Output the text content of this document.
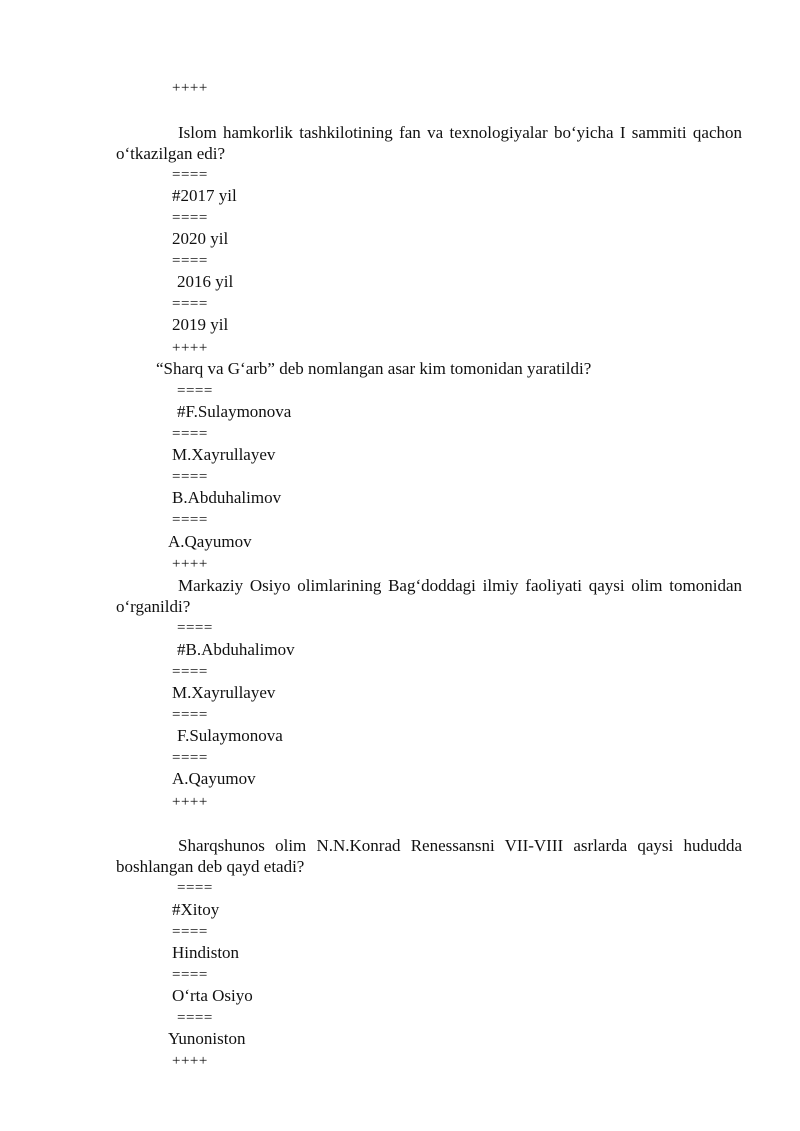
++++
Islom hamkorlik tashkilotining fan va texnologiyalar bo‘yicha I sammiti qachon o‘tkazilgan edi?
====
#2017 yil
====
2020 yil
====
2016 yil
====
2019 yil
++++
“Sharq va G‘arb” deb nomlangan asar kim tomonidan yaratildi?
====
#F.Sulaymonova
====
M.Xayrullayev
====
B.Abduhalimov
====
A.Qayumov
++++
Markaziy Osiyo olimlarining Bag‘doddagi ilmiy faoliyati qaysi olim tomonidan o‘rganildi?
====
#B.Abduhalimov
====
M.Xayrullayev
====
F.Sulaymonova
====
A.Qayumov
++++
Sharqshunos olim N.N.Konrad Renessansni VII-VIII asrlarda qaysi hududda boshlangan deb qayd etadi?
====
#Xitoy
====
Hindiston
====
O‘rta Osiyo
====
Yunoniston
++++
